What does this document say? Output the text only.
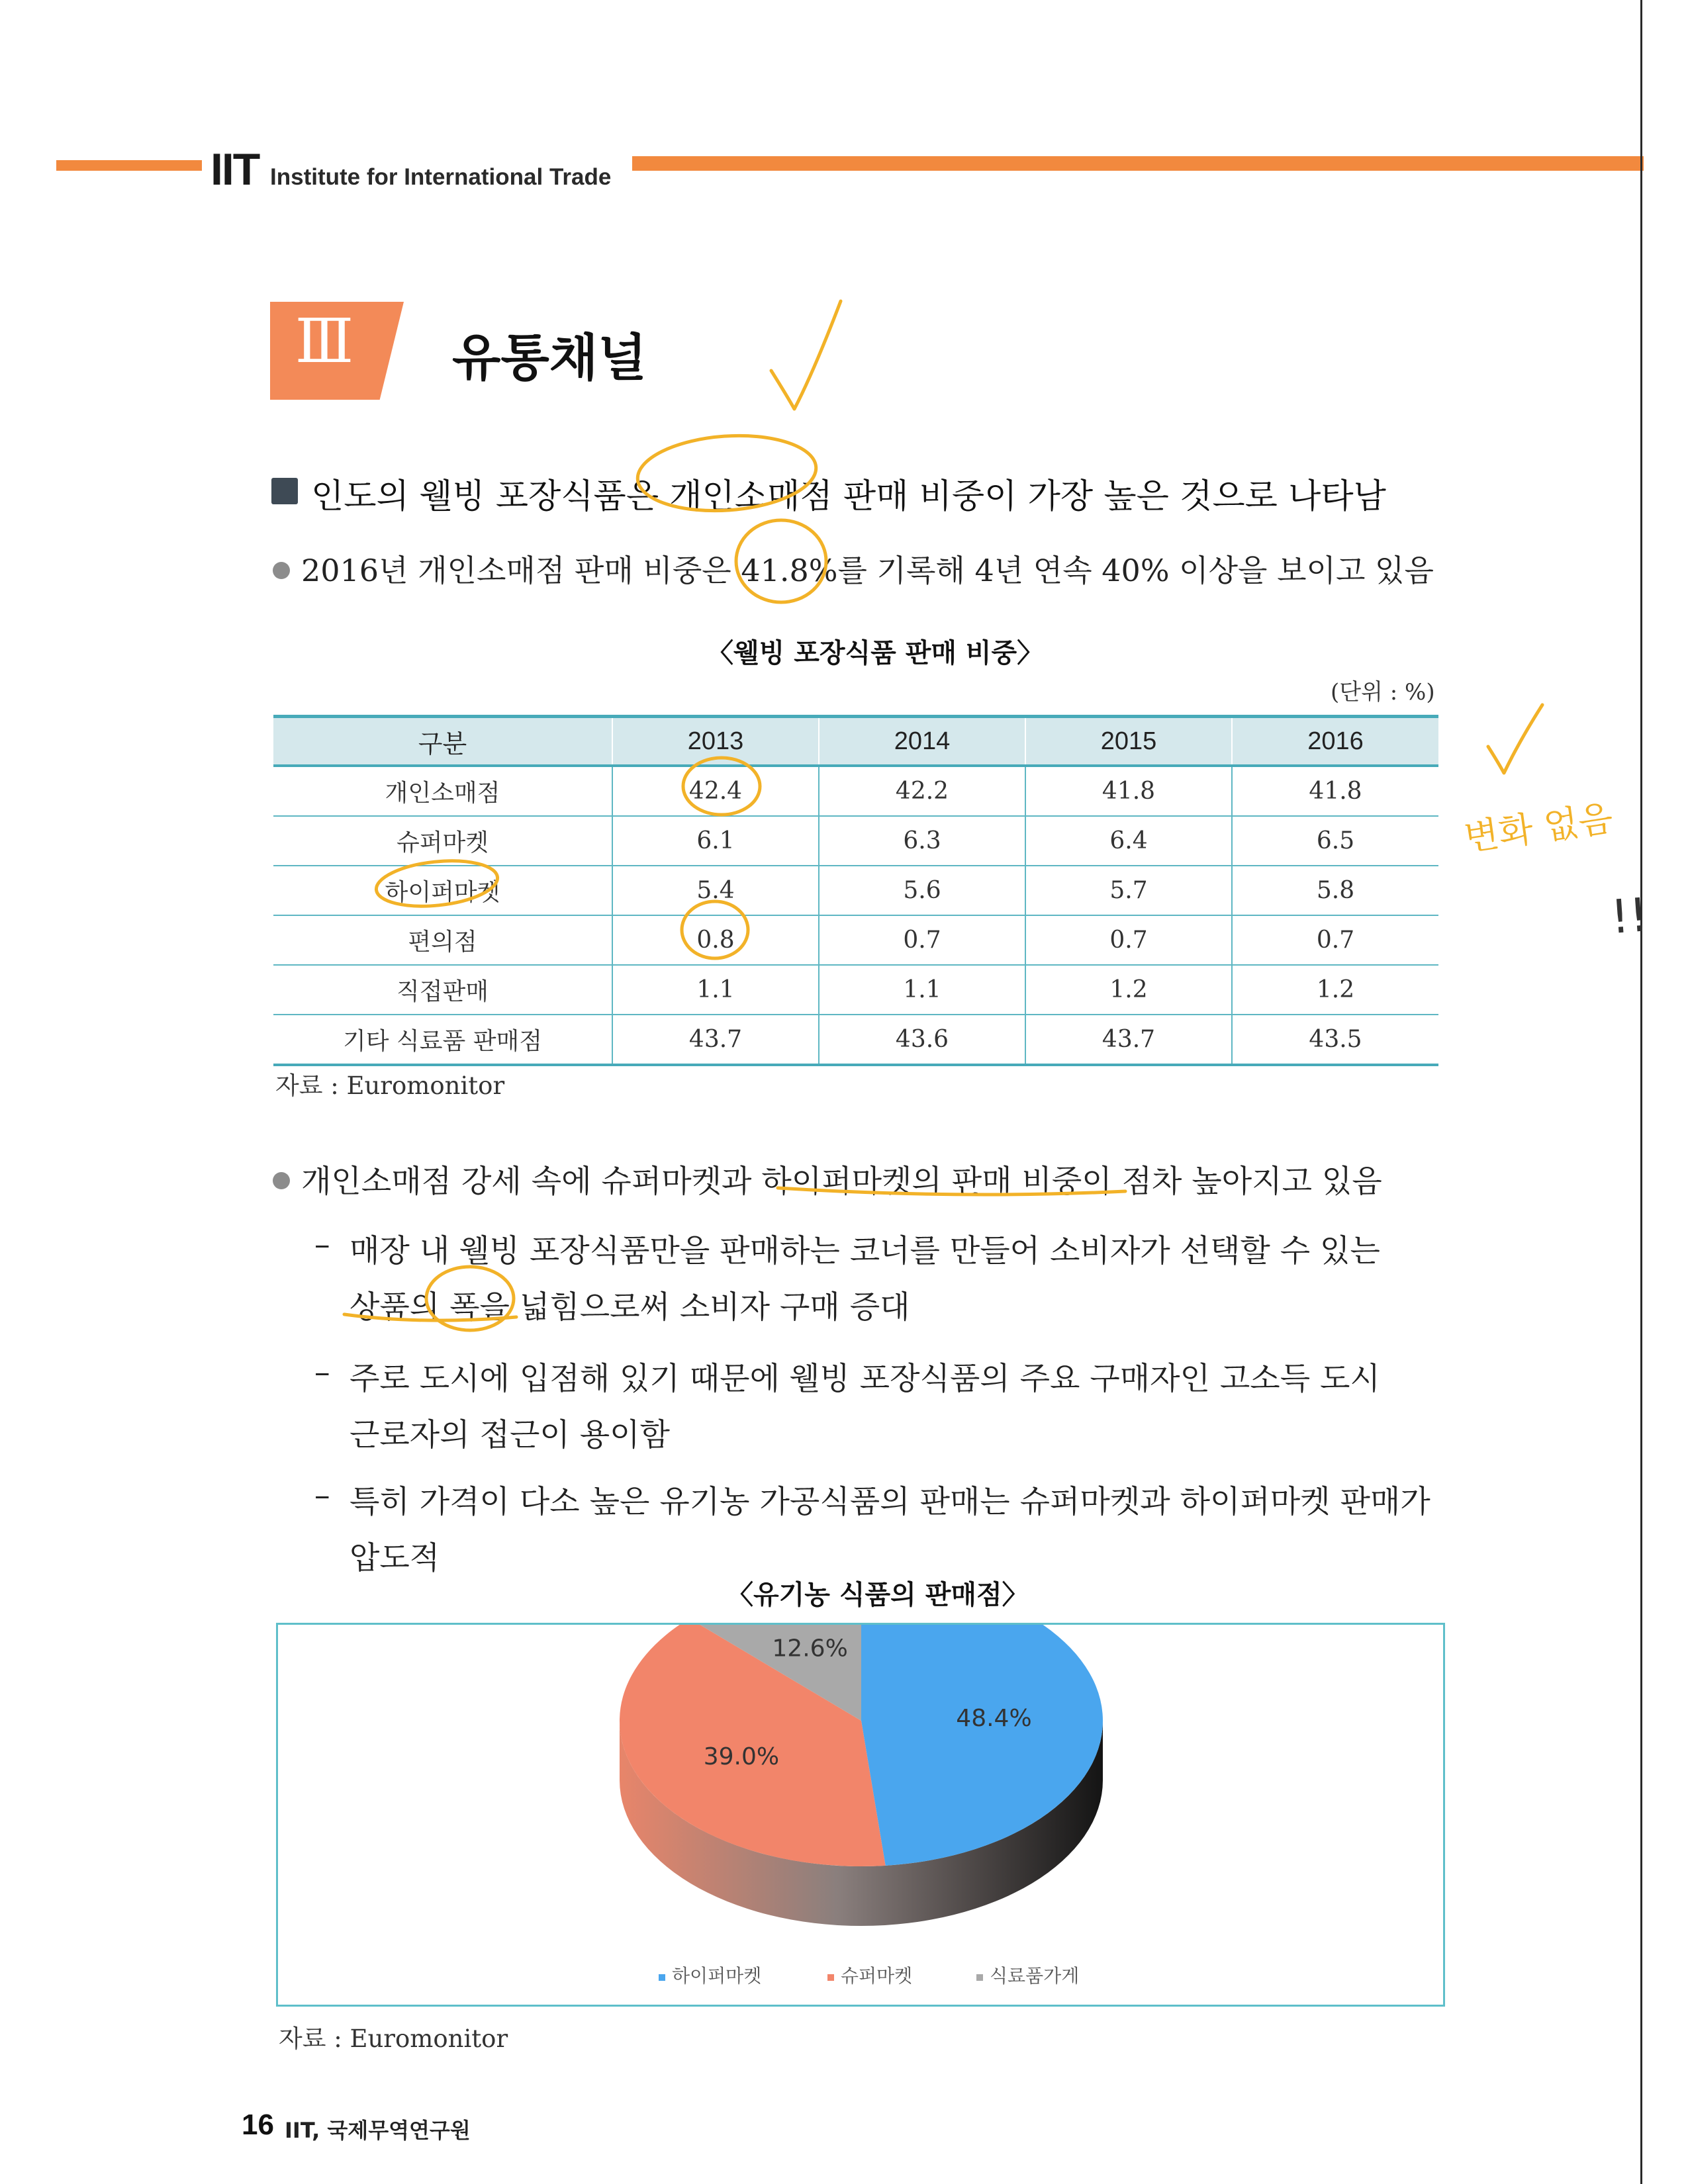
IIT Institute for International Trade
Ⅲ 유통채널
인도의 웰빙 포장식품은 개인소매점 판매 비중이 가장 높은 것으로 나타남
2016년 개인소매점 판매 비중은 41.8%를 기록해 4년 연속 40% 이상을 보이고 있음
〈웰빙 포장식품 판매 비중〉
(단위 : %)
구분	2013	2014	2015	2016
개인소매점	42.4	42.2	41.8	41.8
슈퍼마켓	6.1	6.3	6.4	6.5
하이퍼마켓	5.4	5.6	5.7	5.8
편의점	0.8	0.7	0.7	0.7
직접판매	1.1	1.1	1.2	1.2
기타 식료품 판매점	43.7	43.6	43.7	43.5
자료 : Euromonitor
개인소매점 강세 속에 슈퍼마켓과 하이퍼마켓의 판매 비중이 점차 높아지고 있음
– 매장 내 웰빙 포장식품만을 판매하는 코너를 만들어 소비자가 선택할 수 있는
상품의 폭을 넓힘으로써 소비자 구매 증대
– 주로 도시에 입점해 있기 때문에 웰빙 포장식품의 주요 구매자인 고소득 도시
근로자의 접근이 용이함
– 특히 가격이 다소 높은 유기농 가공식품의 판매는 슈퍼마켓과 하이퍼마켓 판매가
압도적
〈유기농 식품의 판매점〉
48.4%
39.0%
12.6%
하이퍼마켓	슈퍼마켓	식료품가게
자료 : Euromonitor
16 IIT, 국제무역연구원
변화 없음
!!
